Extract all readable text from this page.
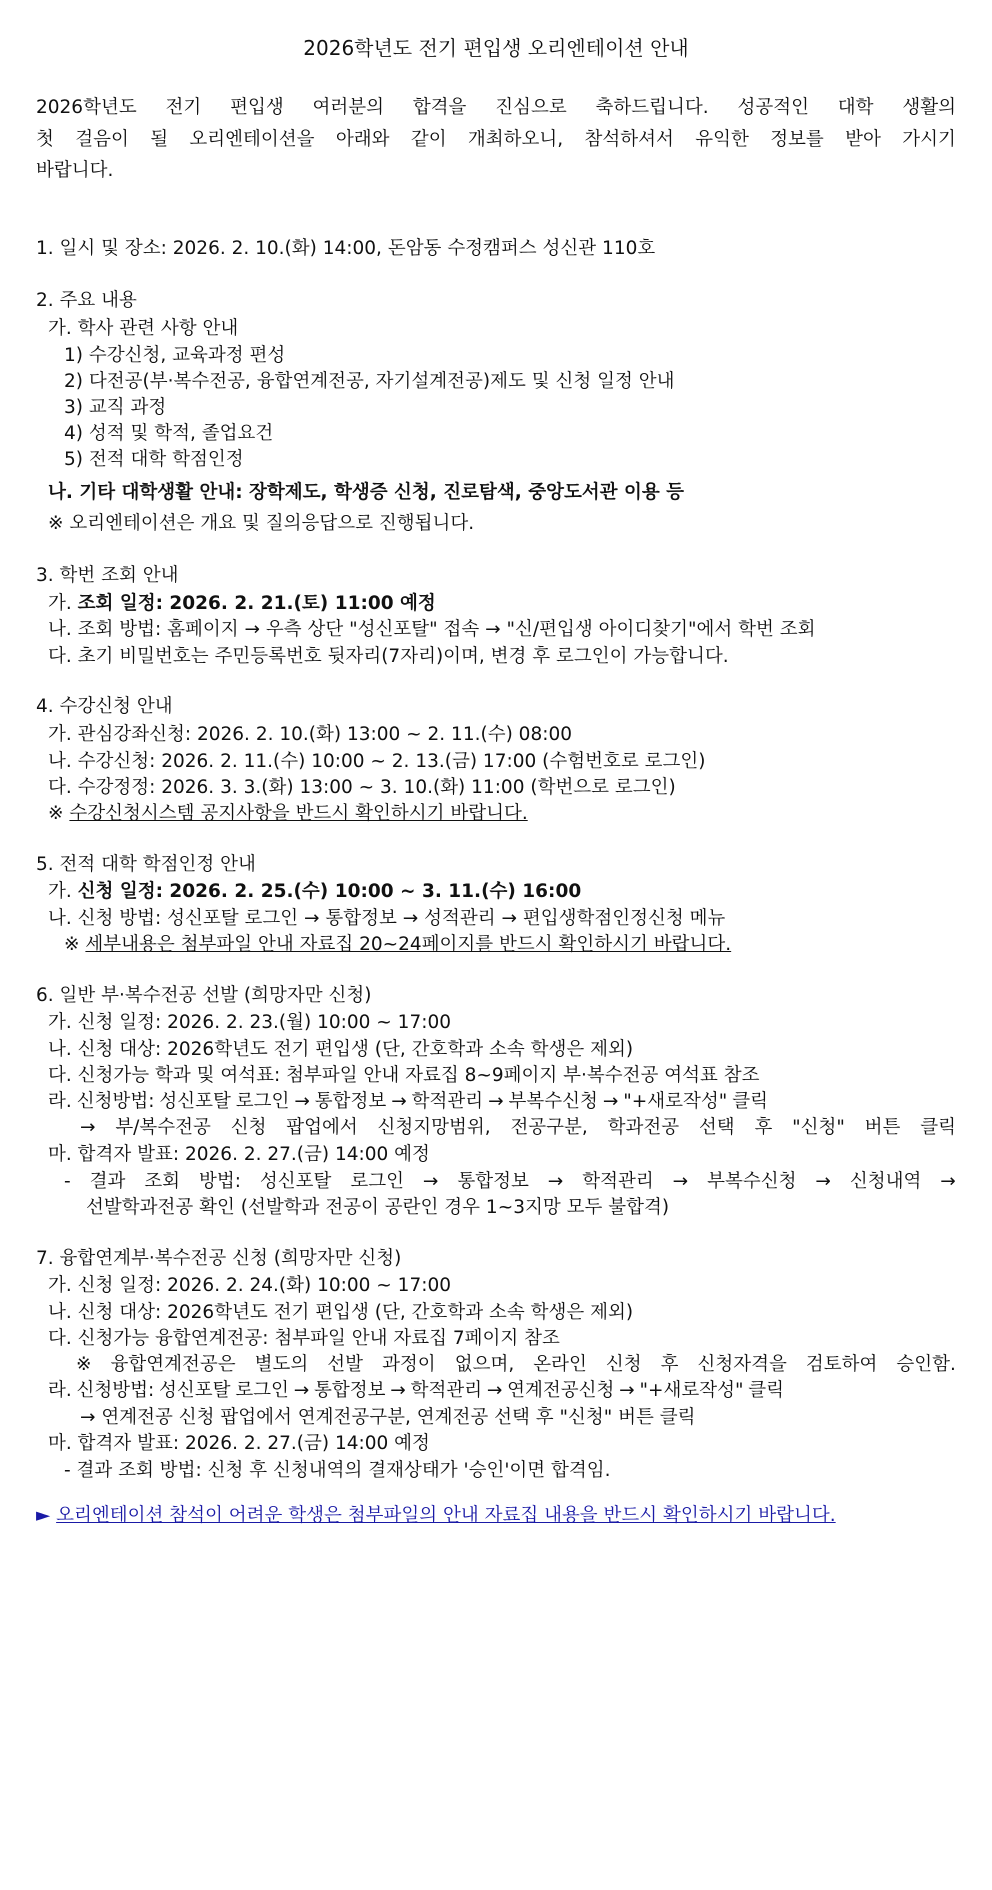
2026학년도 전기 편입생 오리엔테이션 안내
2026학년도 전기 편입생 여러분의 합격을 진심으로 축하드립니다. 성공적인 대학 생활의
첫 걸음이 될 오리엔테이션을 아래와 같이 개최하오니, 참석하셔서 유익한 정보를 받아 가시기
바랍니다.
1. 일시 및 장소: 2026. 2. 10.(화) 14:00, 돈암동 수정캠퍼스 성신관 110호
2. 주요 내용
가. 학사 관련 사항 안내
1) 수강신청, 교육과정 편성
2) 다전공(부·복수전공, 융합연계전공, 자기설계전공)제도 및 신청 일정 안내
3) 교직 과정
4) 성적 및 학적, 졸업요건
5) 전적 대학 학점인정
나. 기타 대학생활 안내: 장학제도, 학생증 신청, 진로탐색, 중앙도서관 이용 등
※ 오리엔테이션은 개요 및 질의응답으로 진행됩니다.
3. 학번 조회 안내
가. 조회 일정: 2026. 2. 21.(토) 11:00 예정
나. 조회 방법: 홈페이지 → 우측 상단 "성신포탈" 접속 → "신/편입생 아이디찾기"에서 학번 조회
다. 초기 비밀번호는 주민등록번호 뒷자리(7자리)이며, 변경 후 로그인이 가능합니다.
4. 수강신청 안내
가. 관심강좌신청: 2026. 2. 10.(화) 13:00 ~ 2. 11.(수) 08:00
나. 수강신청: 2026. 2. 11.(수) 10:00 ~ 2. 13.(금) 17:00 (수험번호로 로그인)
다. 수강정정: 2026. 3. 3.(화) 13:00 ~ 3. 10.(화) 11:00 (학번으로 로그인)
※ 수강신청시스템 공지사항을 반드시 확인하시기 바랍니다.
5. 전적 대학 학점인정 안내
가. 신청 일정: 2026. 2. 25.(수) 10:00 ~ 3. 11.(수) 16:00
나. 신청 방법: 성신포탈 로그인 → 통합정보 → 성적관리 → 편입생학점인정신청 메뉴
※ 세부내용은 첨부파일 안내 자료집 20~24페이지를 반드시 확인하시기 바랍니다.
6. 일반 부·복수전공 선발 (희망자만 신청)
가. 신청 일정: 2026. 2. 23.(월) 10:00 ~ 17:00
나. 신청 대상: 2026학년도 전기 편입생 (단, 간호학과 소속 학생은 제외)
다. 신청가능 학과 및 여석표: 첨부파일 안내 자료집 8~9페이지 부·복수전공 여석표 참조
라. 신청방법: 성신포탈 로그인 → 통합정보 → 학적관리 → 부복수신청 → "+새로작성" 클릭
→ 부/복수전공 신청 팝업에서 신청지망범위, 전공구분, 학과전공 선택 후 "신청" 버튼 클릭
마. 합격자 발표: 2026. 2. 27.(금) 14:00 예정
- 결과 조회 방법: 성신포탈 로그인 → 통합정보 → 학적관리 → 부복수신청 → 신청내역 →
선발학과전공 확인 (선발학과 전공이 공란인 경우 1~3지망 모두 불합격)
7. 융합연계부·복수전공 신청 (희망자만 신청)
가. 신청 일정: 2026. 2. 24.(화) 10:00 ~ 17:00
나. 신청 대상: 2026학년도 전기 편입생 (단, 간호학과 소속 학생은 제외)
다. 신청가능 융합연계전공: 첨부파일 안내 자료집 7페이지 참조
※ 융합연계전공은 별도의 선발 과정이 없으며, 온라인 신청 후 신청자격을 검토하여 승인함.
라. 신청방법: 성신포탈 로그인 → 통합정보 → 학적관리 → 연계전공신청 → "+새로작성" 클릭
→ 연계전공 신청 팝업에서 연계전공구분, 연계전공 선택 후 "신청" 버튼 클릭
마. 합격자 발표: 2026. 2. 27.(금) 14:00 예정
- 결과 조회 방법: 신청 후 신청내역의 결재상태가 '승인'이면 합격임.
► 오리엔테이션 참석이 어려운 학생은 첨부파일의 안내 자료집 내용을 반드시 확인하시기 바랍니다.
